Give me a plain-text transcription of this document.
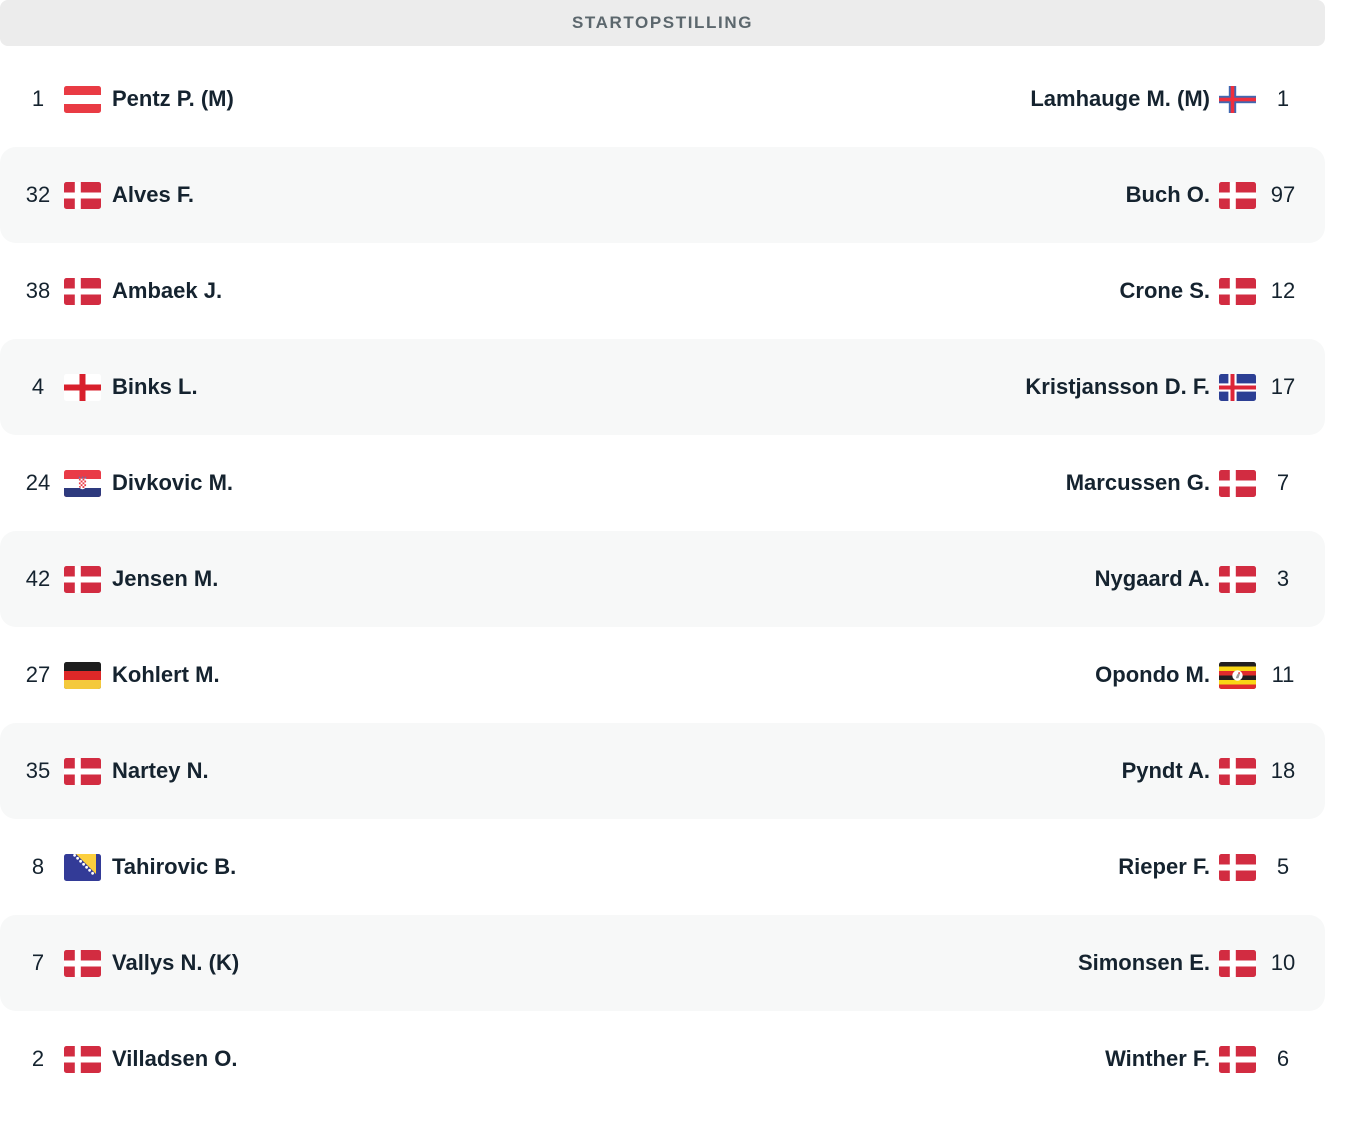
STARTOPSTILLING
1	Pentz P. (M)	Lamhauge M. (M)	1
32	Alves F.	Buch O.	97
38	Ambaek J.	Crone S.	12
4	Binks L.	Kristjansson D. F.	17
24	Divkovic M.	Marcussen G.	7
42	Jensen M.	Nygaard A.	3
27	Kohlert M.	Opondo M.	11
35	Nartey N.	Pyndt A.	18
8	Tahirovic B.	Rieper F.	5
7	Vallys N. (K)	Simonsen E.	10
2	Villadsen O.	Winther F.	6
